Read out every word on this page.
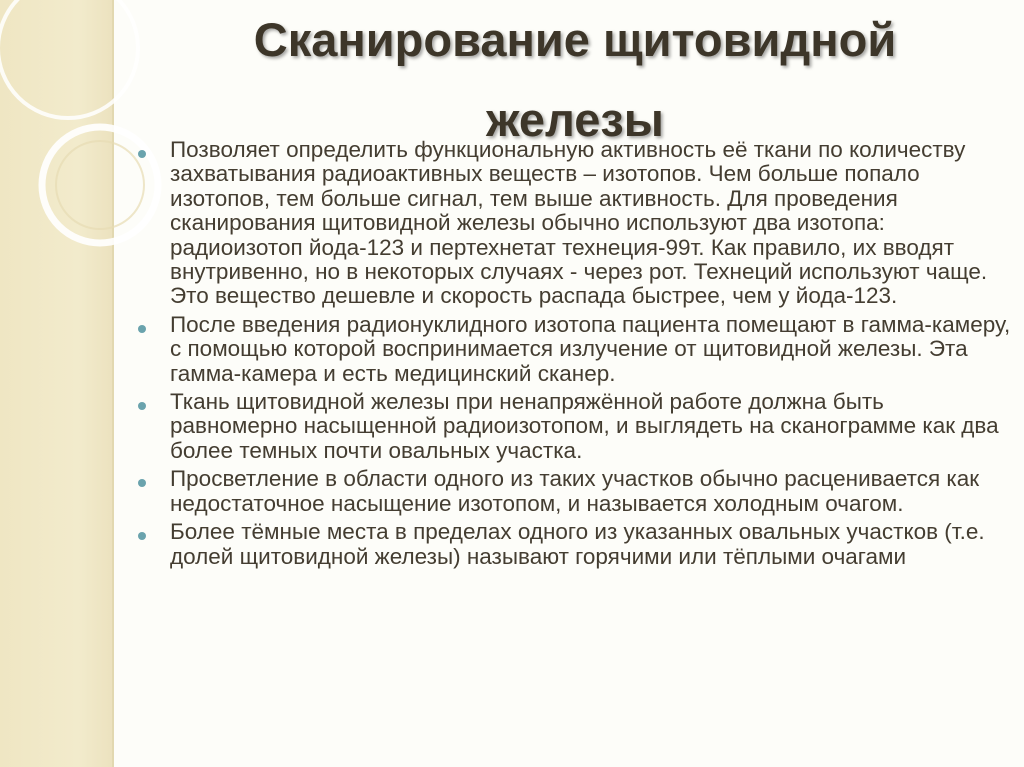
Сканирование щитовидной
железы
Позволяет определить функциональную активность её ткани по количеству захватывания радиоактивных веществ – изотопов. Чем больше попало изотопов, тем больше сигнал, тем выше активность. Для проведения сканирования щитовидной железы обычно используют два изотопа: радиоизотоп йода-123 и пертехнетат технеция-99т. Как правило, их вводят внутривенно, но в некоторых случаях - через рот. Технеций используют чаще. Это вещество дешевле и скорость распада быстрее, чем у йода-123.
После введения радионуклидного изотопа пациента помещают в гамма-камеру, с помощью которой воспринимается излучение от щитовидной железы. Эта гамма-камера и есть медицинский сканер.
Ткань щитовидной железы при ненапряжённой работе должна быть равномерно насыщенной радиоизотопом, и выглядеть на сканограмме как два более темных почти овальных участка.
Просветление в области одного из таких участков обычно расценивается как недостаточное насыщение изотопом, и называется холодным очагом.
Более тёмные места в пределах одного из указанных овальных участков (т.е. долей щитовидной железы) называют горячими или тёплыми очагами
